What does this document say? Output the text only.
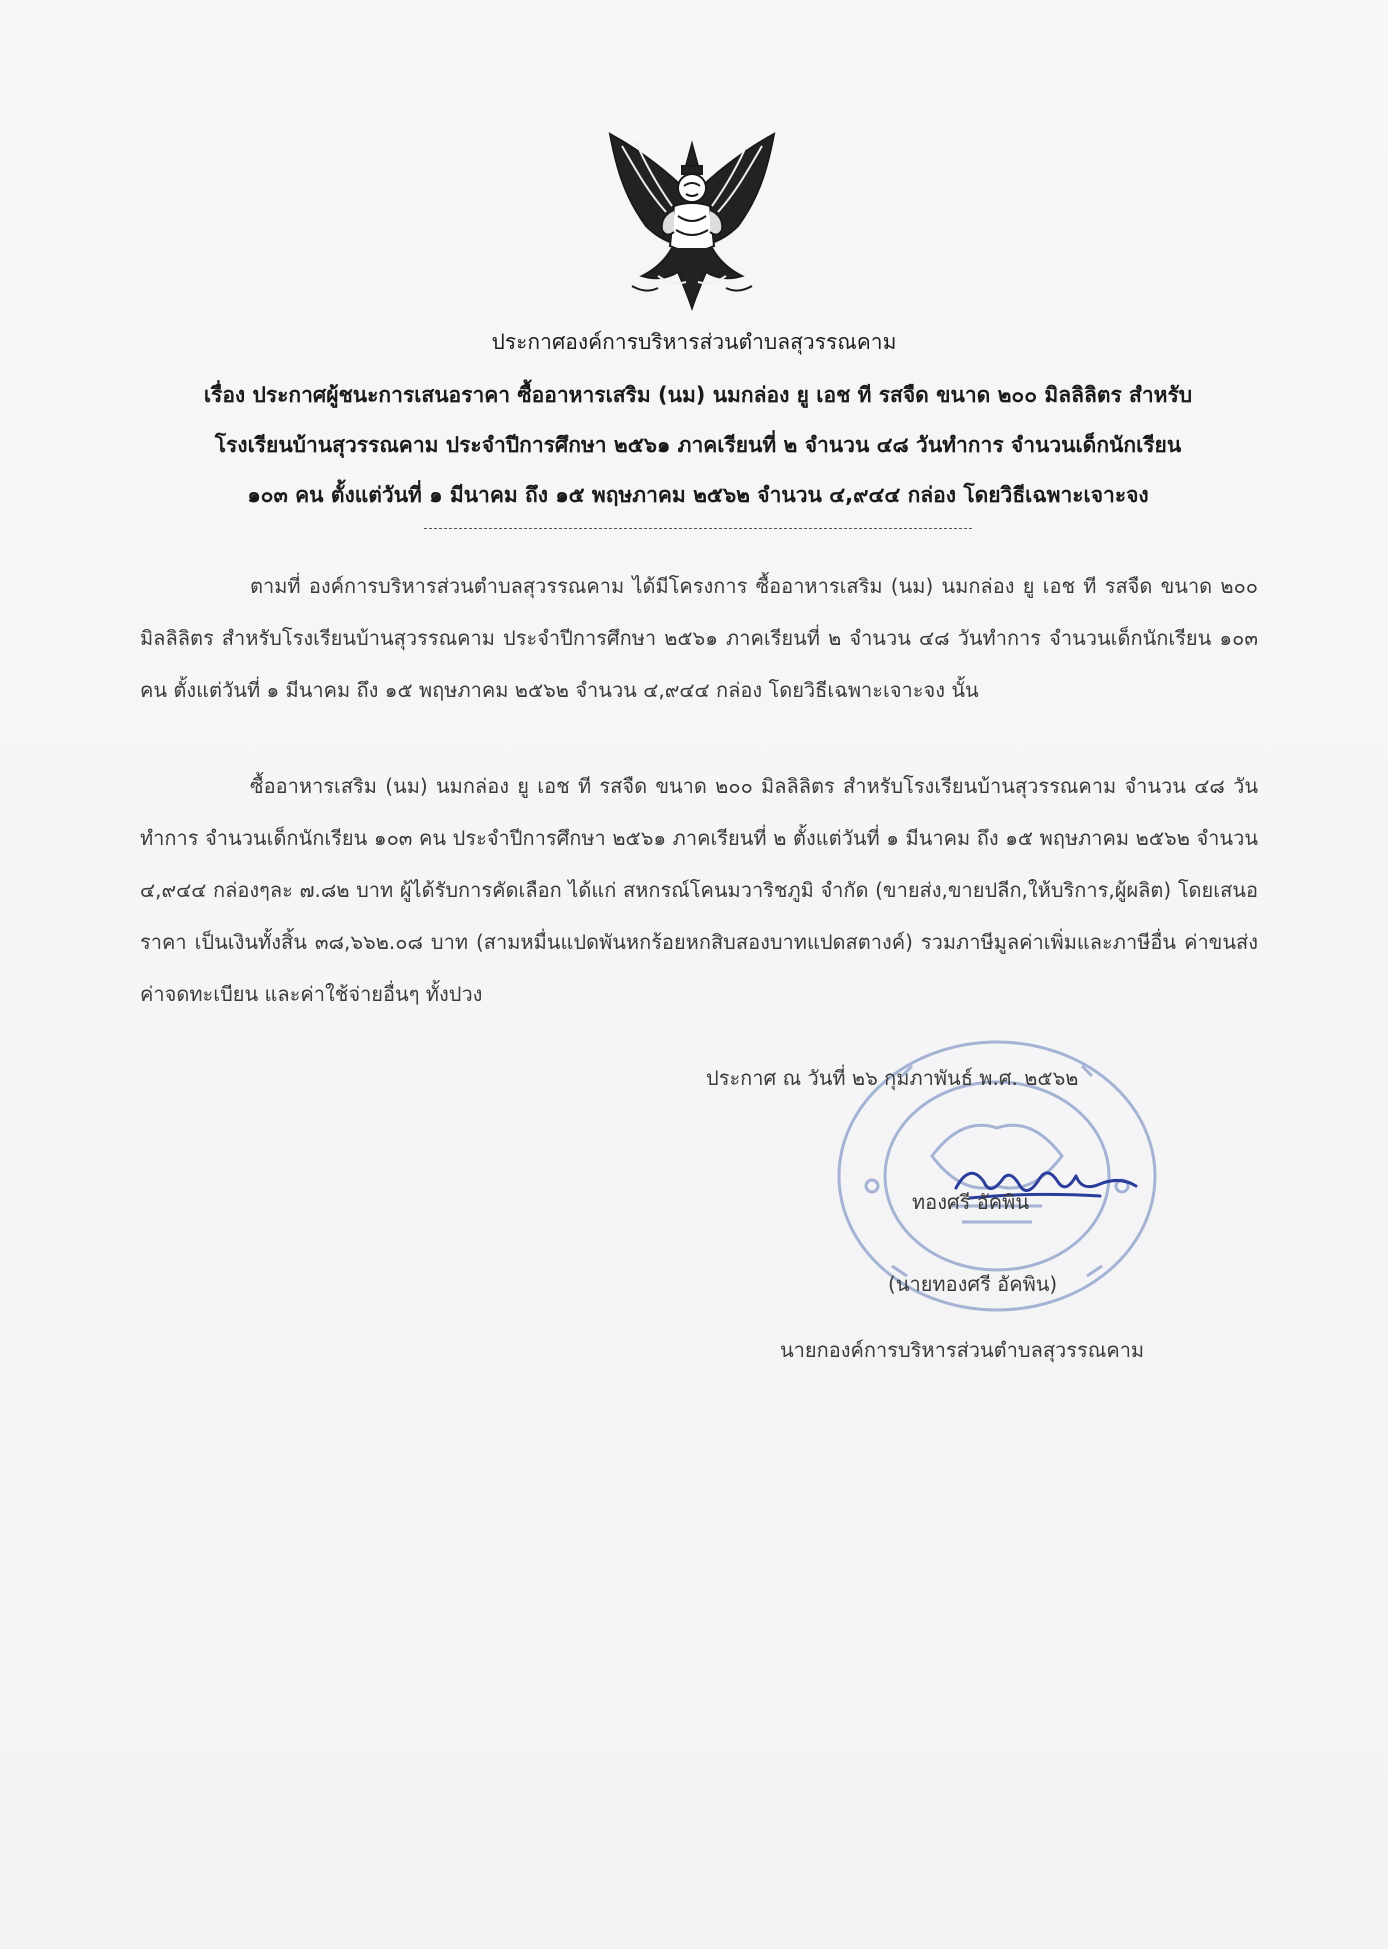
ประกาศองค์การบริหารส่วนตำบลสุวรรณคาม
เรื่อง ประกาศผู้ชนะการเสนอราคา ซื้ออาหารเสริม (นม) นมกล่อง ยู เอช ที รสจืด ขนาด ๒๐๐ มิลลิลิตร สำหรับ
โรงเรียนบ้านสุวรรณคาม ประจำปีการศึกษา ๒๕๖๑ ภาคเรียนที่ ๒ จำนวน ๔๘ วันทำการ จำนวนเด็กนักเรียน
๑๐๓ คน ตั้งแต่วันที่ ๑ มีนาคม ถึง ๑๕ พฤษภาคม ๒๕๖๒ จำนวน ๔,๙๔๔ กล่อง โดยวิธีเฉพาะเจาะจง

ตามที่ องค์การบริหารส่วนตำบลสุวรรณคาม ได้มีโครงการ ซื้ออาหารเสริม (นม) นมกล่อง ยู เอช ที รสจืด ขนาด ๒๐๐ มิลลิลิตร สำหรับโรงเรียนบ้านสุวรรณคาม ประจำปีการศึกษา ๒๕๖๑ ภาคเรียนที่ ๒ จำนวน ๔๘ วันทำการ จำนวนเด็กนักเรียน ๑๐๓ คน ตั้งแต่วันที่ ๑ มีนาคม ถึง ๑๕ พฤษภาคม ๒๕๖๒ จำนวน ๔,๙๔๔ กล่อง โดยวิธีเฉพาะเจาะจง นั้น

ซื้ออาหารเสริม (นม) นมกล่อง ยู เอช ที รสจืด ขนาด ๒๐๐ มิลลิลิตร สำหรับโรงเรียนบ้านสุวรรณคาม จำนวน ๔๘ วันทำการ จำนวนเด็กนักเรียน ๑๐๓ คน ประจำปีการศึกษา ๒๕๖๑ ภาคเรียนที่ ๒ ตั้งแต่วันที่ ๑ มีนาคม ถึง ๑๕ พฤษภาคม ๒๕๖๒ จำนวน ๔,๙๔๔ กล่องๆละ ๗.๘๒ บาท ผู้ได้รับการคัดเลือก ได้แก่ สหกรณ์โคนมวาริชภูมิ จำกัด (ขายส่ง,ขายปลีก,ให้บริการ,ผู้ผลิต) โดยเสนอราคา เป็นเงินทั้งสิ้น ๓๘,๖๖๒.๐๘ บาท (สามหมื่นแปดพันหกร้อยหกสิบสองบาทแปดสตางค์) รวมภาษีมูลค่าเพิ่มและภาษีอื่น ค่าขนส่ง ค่าจดทะเบียน และค่าใช้จ่ายอื่นๆ ทั้งปวง

ประกาศ ณ วันที่ ๒๖ กุมภาพันธ์ พ.ศ. ๒๕๖๒
ทองศรี อัคพิน
(นายทองศรี อัคพิน)
นายกองค์การบริหารส่วนตำบลสุวรรณคาม
